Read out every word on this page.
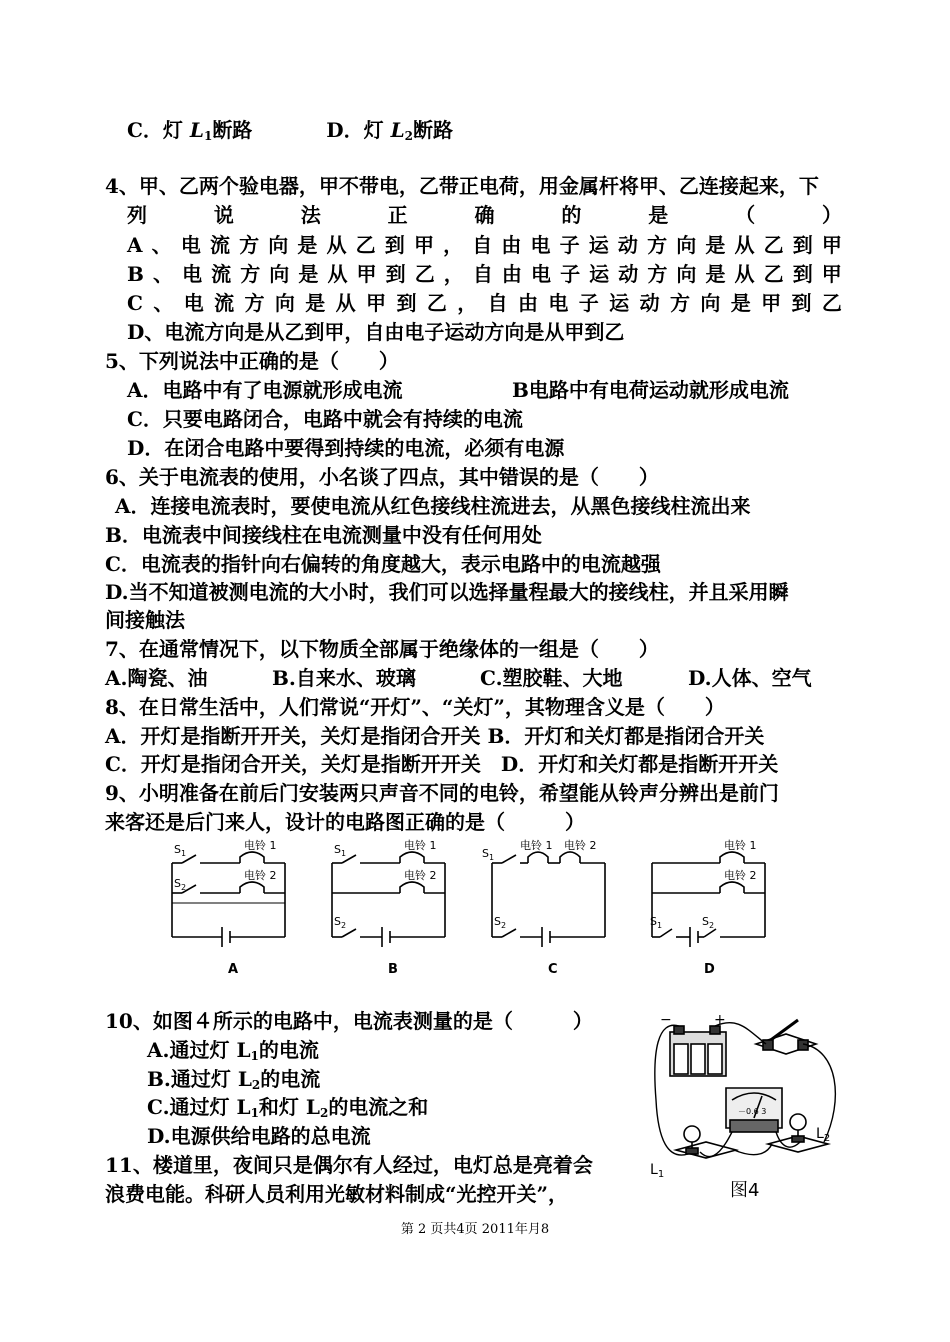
C．灯 $L_1$断路	D．灯 $L_2$断路
4、甲、乙两个验电器，甲不带电，乙带正电荷，用金属杆将甲、乙连接起来，下
列	说	法	正	确	的	是	（	）
A 、 电 流 方 向 是 从 乙 到 甲 ， 自 由 电 子 运 动 方 向 是 从 乙 到 甲
B 、 电 流 方 向 是 从 甲 到 乙 ， 自 由 电 子 运 动 方 向 是 从 乙 到 甲
C 、 电 流 方 向 是 从 甲 到 乙 ， 自 由 电 子 运 动 方 向 是 甲 到 乙
D、电流方向是从乙到甲，自由电子运动方向是从甲到乙
5、下列说法中正确的是（　　）
A．电路中有了电源就形成电流	B电路中有电荷运动就形成电流
C．只要电路闭合，电路中就会有持续的电流
D．在闭合电路中要得到持续的电流，必须有电源
6、关于电流表的使用，小名谈了四点，其中错误的是（　　）
A．连接电流表时，要使电流从红色接线柱流进去，从黑色接线柱流出来
B．电流表中间接线柱在电流测量中没有任何用处
C．电流表的指针向右偏转的角度越大，表示电路中的电流越强
D.当不知道被测电流的大小时，我们可以选择量程最大的接线柱，并且采用瞬
间接触法
7、在通常情况下，以下物质全部属于绝缘体的一组是（　　）
A.陶瓷、油	B.自来水、玻璃	C.塑胶鞋、大地	D.人体、空气
8、在日常生活中，人们常说“开灯”、“关灯”，其物理含义是（　　）
A．开灯是指断开开关，关灯是指闭合开关 B．开灯和关灯都是指闭合开关
C．开灯是指闭合开关，关灯是指断开开关　D．开灯和关灯都是指断开开关
9、小明准备在前后门安装两只声音不同的电铃，希望能从铃声分辨出是前门
来客还是后门来人，设计的电路图正确的是（　　　）
$S_1$
电铃 1
$S_2$
电铃 2
$S_1$
电铃 1
电铃 2
$S_2$
$S_1$
电铃 1 电铃 2
$S_2$
电铃 1
电铃 2
$S_1$	$S_2$
A	B	C	D
10、如图４所示的电路中，电流表测量的是（　　　）
A.通过灯 $L_1$的电流
B.通过灯 $L_2$的电流
C.通过灯 $L_1$和灯 $L_2$的电流之和
D.电源供给电路的总电流
11、楼道里，夜间只是偶尔有人经过，电灯总是亮着会
浪费电能。科研人员利用光敏材料制成“光控开关”，
−	+
－0.6 3
$L_1$
$L_2$
图4
第 2 页共4页 2011年月8
